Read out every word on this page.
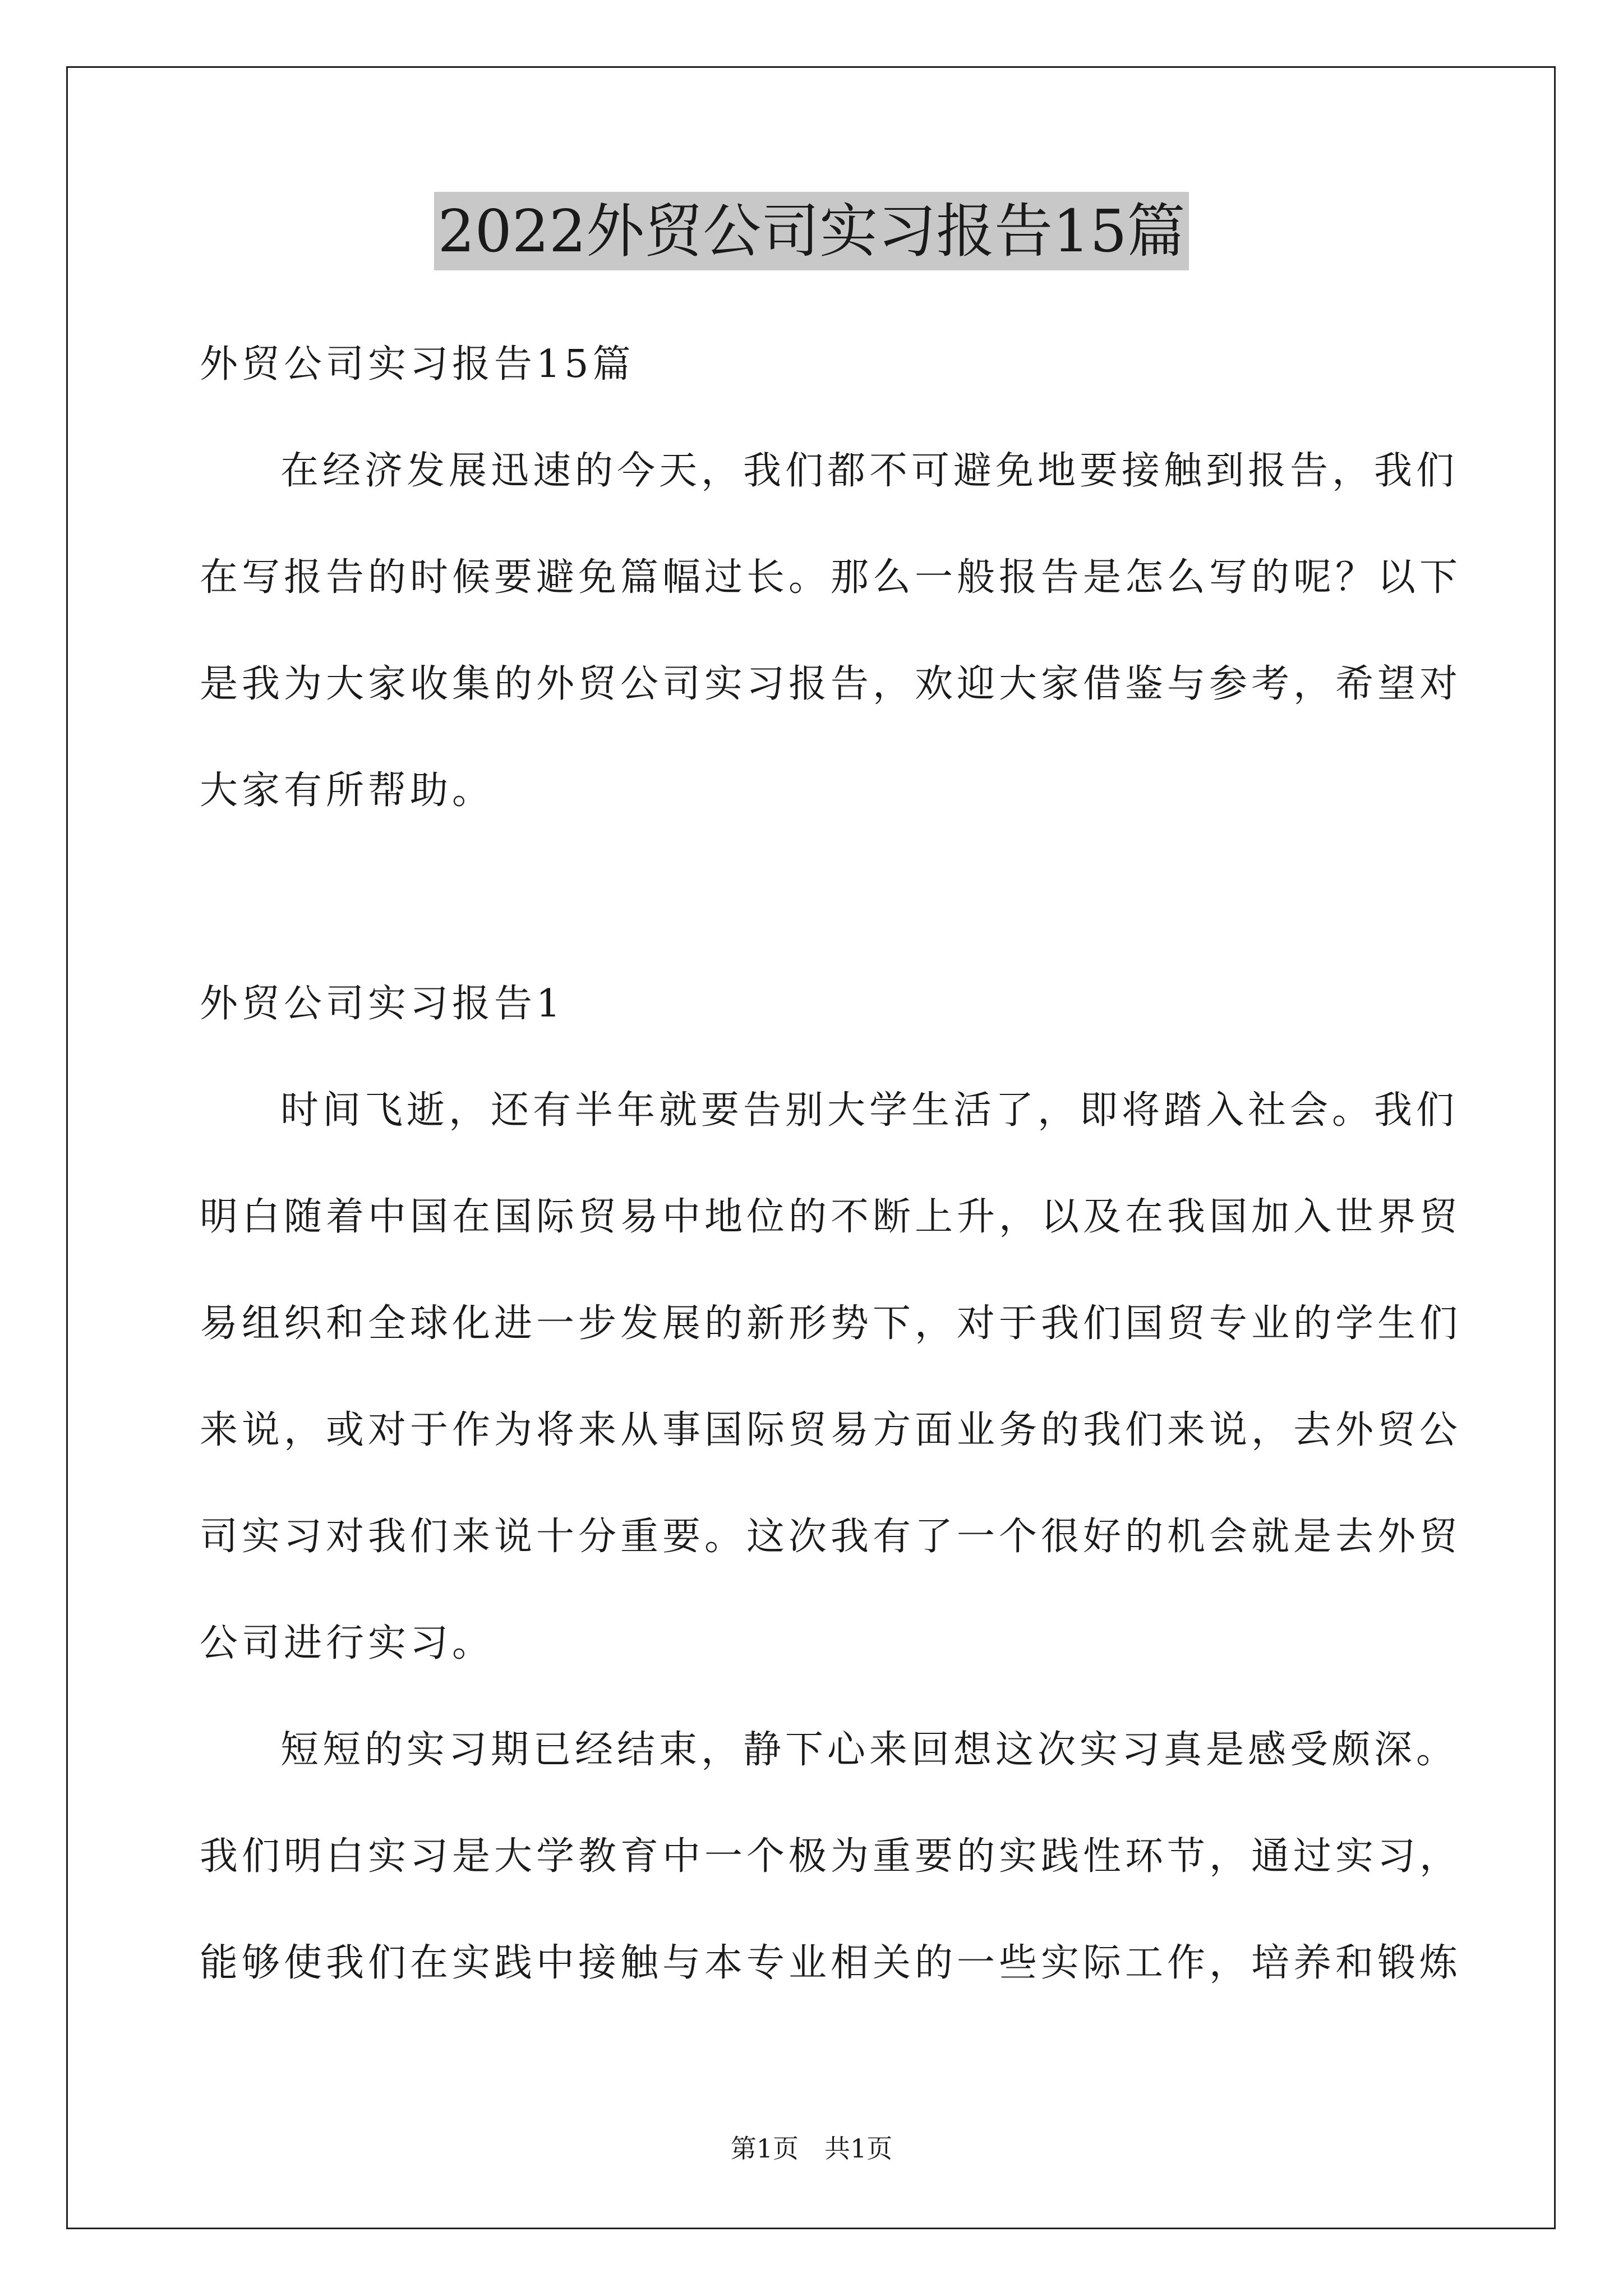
2022外贸公司实习报告15篇
外贸公司实习报告15篇
在经济发展迅速的今天，我们都不可避免地要接触到报告，我们
在写报告的时候要避免篇幅过长。那么一般报告是怎么写的呢？以下
是我为大家收集的外贸公司实习报告，欢迎大家借鉴与参考，希望对
大家有所帮助。
外贸公司实习报告1
时间飞逝，还有半年就要告别大学生活了，即将踏入社会。我们
明白随着中国在国际贸易中地位的不断上升，以及在我国加入世界贸
易组织和全球化进一步发展的新形势下，对于我们国贸专业的学生们
来说，或对于作为将来从事国际贸易方面业务的我们来说，去外贸公
司实习对我们来说十分重要。这次我有了一个很好的机会就是去外贸
公司进行实习。
短短的实习期已经结束，静下心来回想这次实习真是感受颇深。
我们明白实习是大学教育中一个极为重要的实践性环节，通过实习，
能够使我们在实践中接触与本专业相关的一些实际工作，培养和锻炼
第1页　共1页
